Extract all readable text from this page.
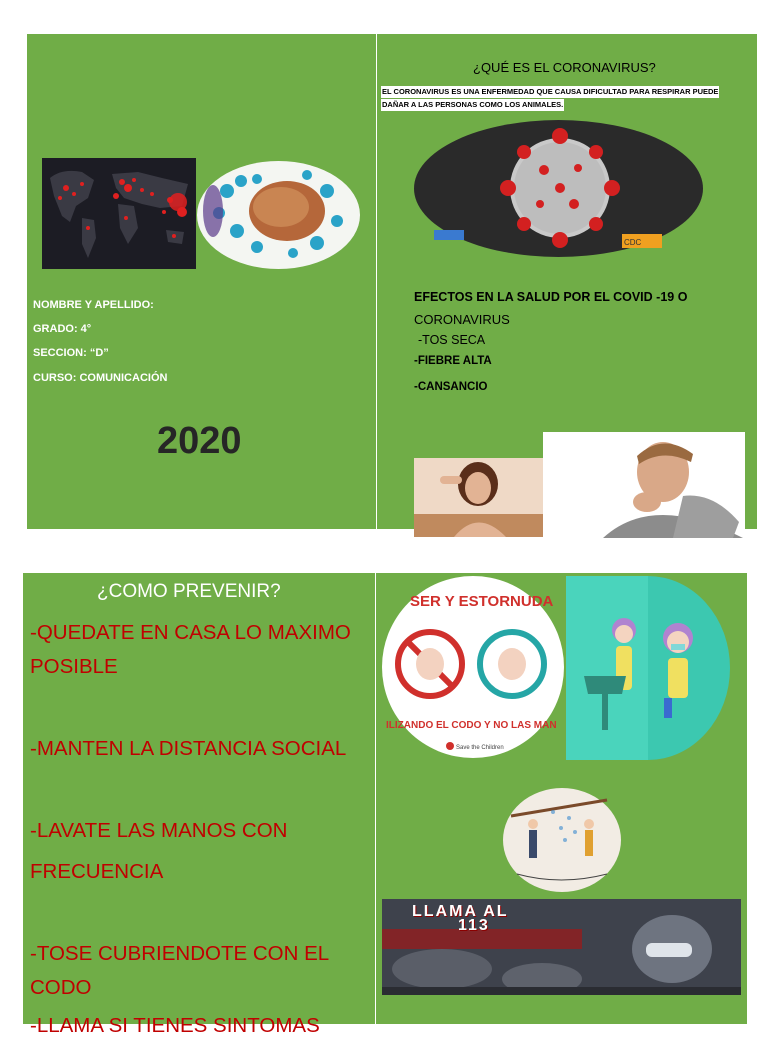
NOMBRE Y APELLIDO:
GRADO: 4°
SECCION: “D”
CURSO: COMUNICACIÓN
2020
¿QUÉ ES EL CORONAVIRUS?
EL CORONAVIRUS ES UNA ENFERMEDAD QUE CAUSA DIFICULTAD PARA RESPIRAR PUEDE
DAÑAR A LAS PERSONAS COMO LOS ANIMALES.
CDC
EFECTOS EN LA SALUD POR EL COVID -19 O
CORONAVIRUS
-TOS SECA
-FIEBRE ALTA
-CANSANCIO
¿COMO PREVENIR?
-QUEDATE EN CASA LO MAXIMO
POSIBLE
-MANTEN LA DISTANCIA SOCIAL
-LAVATE LAS MANOS CON
FRECUENCIA
-TOSE CUBRIENDOTE CON EL
CODO
-LLAMA SI TIENES SINTOMAS
SER Y ESTORNUDA
ILIZANDO EL CODO Y NO LAS MAN
Save the Children
LLAMA AL
113
